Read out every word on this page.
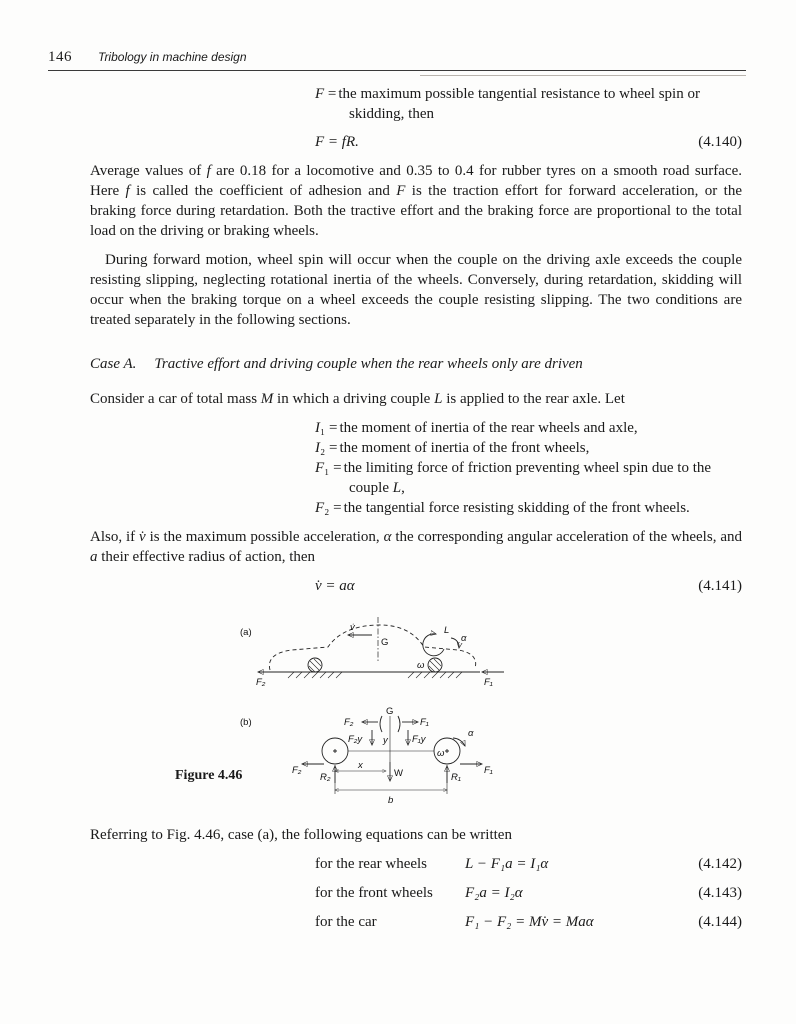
146 Tribology in machine design
F = the maximum possible tangential resistance to wheel spin or skidding, then
F = fR.	(4.140)

Average values of f are 0.18 for a locomotive and 0.35 to 0.4 for rubber tyres on a smooth road surface. Here f is called the coefficient of adhesion and F is the traction effort for forward acceleration, or the braking force during retardation. Both the tractive effort and the braking force are proportional to the total load on the driving or braking wheels.

During forward motion, wheel spin will occur when the couple on the driving axle exceeds the couple resisting slipping, neglecting rotational inertia of the wheels. Conversely, during retardation, skidding will occur when the braking torque on a wheel exceeds the couple resisting slipping. The two conditions are treated separately in the following sections.

Case A. Tractive effort and driving couple when the rear wheels only are driven

Consider a car of total mass M in which a driving couple L is applied to the rear axle. Let

I₁ = the moment of inertia of the rear wheels and axle,
I₂ = the moment of inertia of the front wheels,
F₁ = the limiting force of friction preventing wheel spin due to the couple L,
F₂ = the tangential force resisting skidding of the front wheels.

Also, if v̇ is the maximum possible acceleration, α the corresponding angular acceleration of the wheels, and a their effective radius of action, then

v̇ = aα	(4.141)
Figure 4.46
(a)
G
v̇	L
ω
α
F₂	F₁
(b)
G
F₂	F₁
F₂y y	F₁y
ω
α
F₂
R₂	W	R₁
F₁
x
b

Referring to Fig. 4.46, case (a), the following equations can be written

for the rear wheels	L − F₁a = I₁α	(4.142)
for the front wheels	F₂a = I₂α	(4.143)
for the car	F₁ − F₂ = Mv̇ = Maα	(4.144)
